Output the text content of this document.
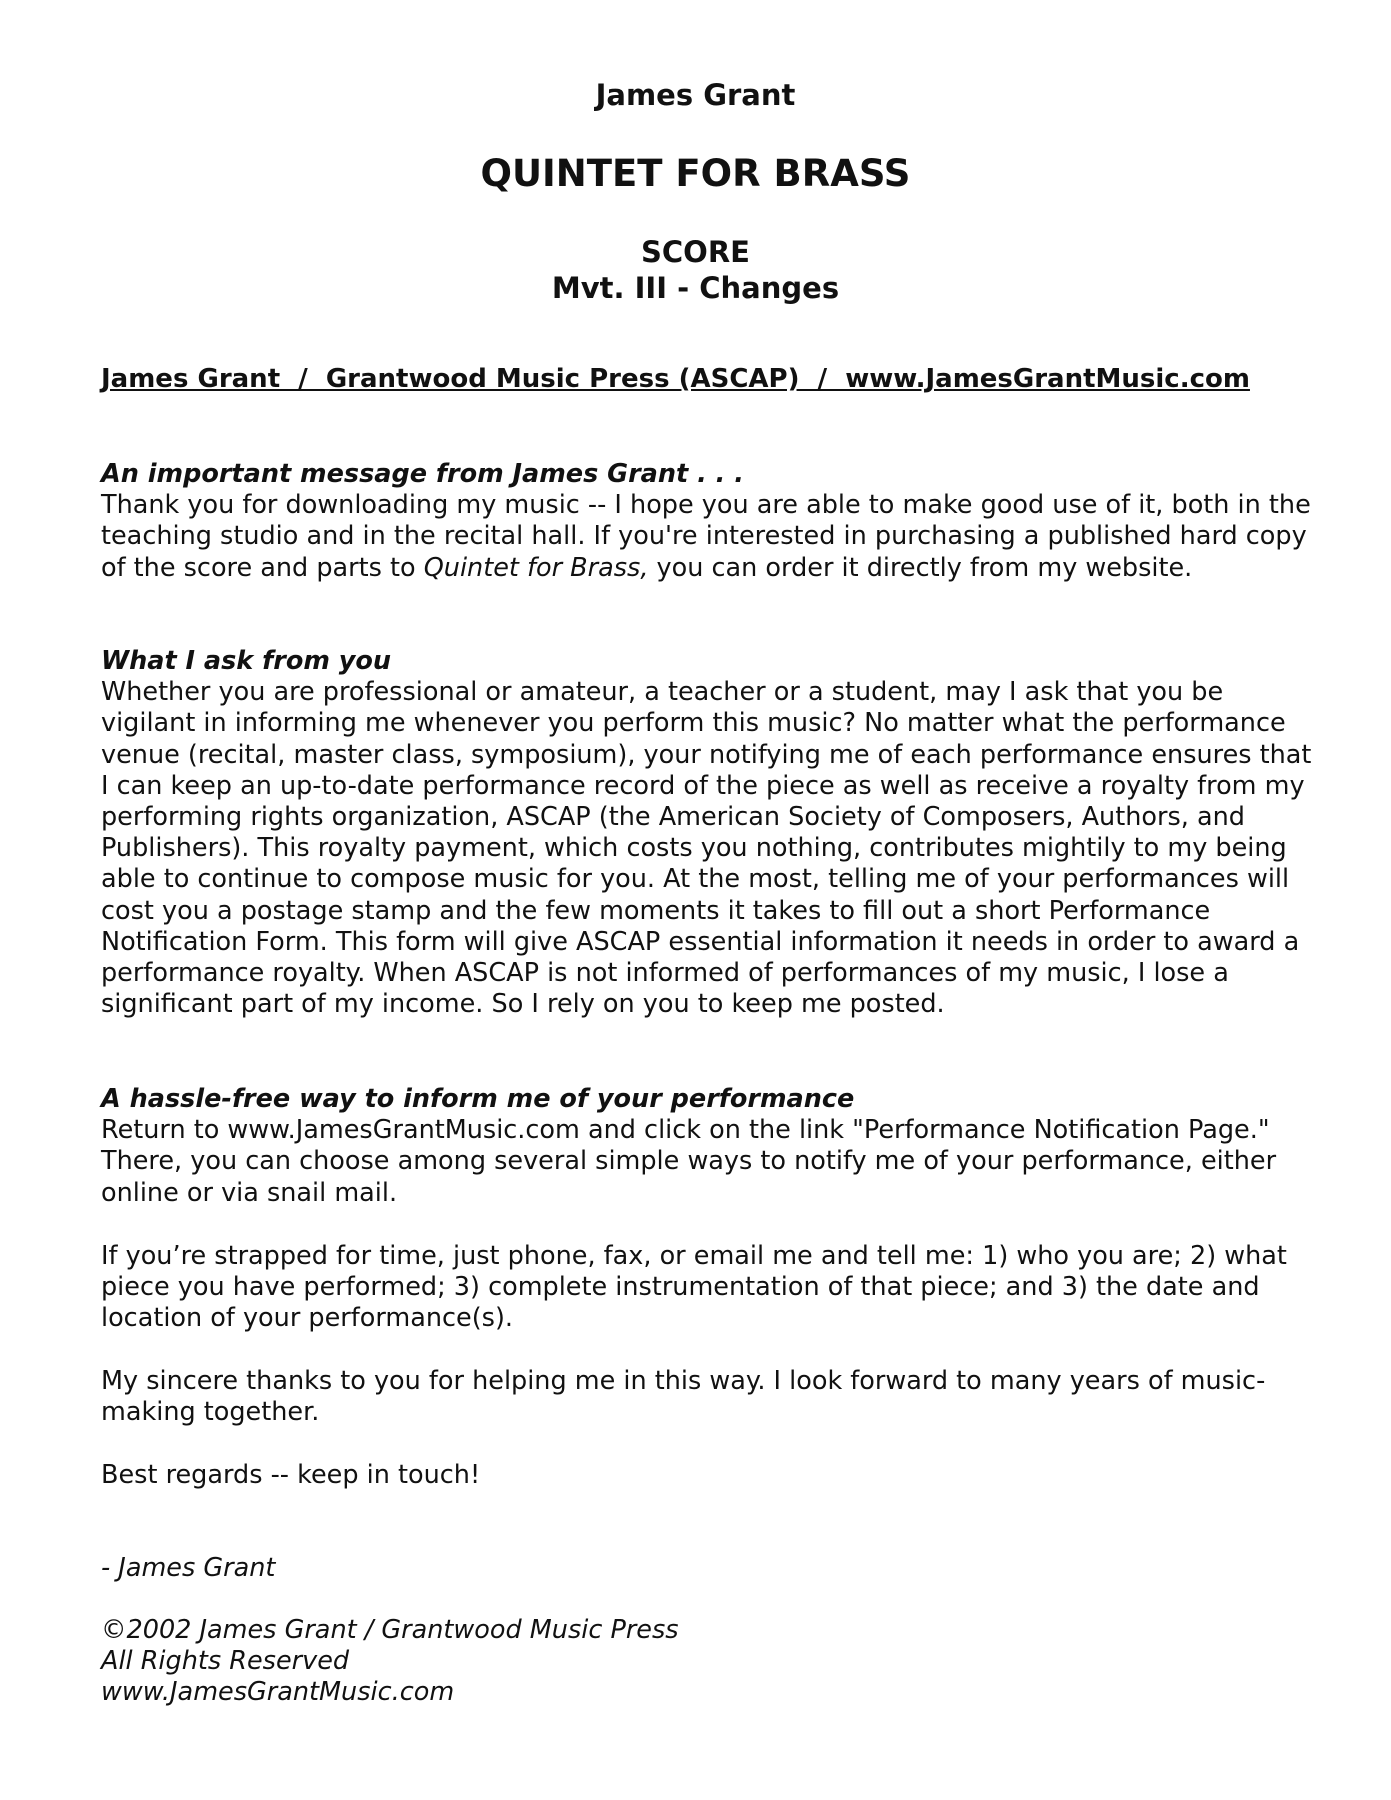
James Grant

QUINTET FOR BRASS

SCORE
Mvt. III - Changes

James Grant  /  Grantwood Music Press (ASCAP)  /  www.JamesGrantMusic.com

An important message from James Grant . . .

Thank you for downloading my music -- I hope you are able to make good use of it, both in the teaching studio and in the recital hall. If you're interested in purchasing a published hard copy of the score and parts to Quintet for Brass, you can order it directly from my website.

What I ask from you

Whether you are professional or amateur, a teacher or a student, may I ask that you be vigilant in informing me whenever you perform this music? No matter what the performance venue (recital, master class, symposium), your notifying me of each performance ensures that I can keep an up-to-date performance record of the piece as well as receive a royalty from my performing rights organization, ASCAP (the American Society of Composers, Authors, and Publishers). This royalty payment, which costs you nothing, contributes mightily to my being able to continue to compose music for you. At the most, telling me of your performances will cost you a postage stamp and the few moments it takes to fill out a short Performance Notification Form. This form will give ASCAP essential information it needs in order to award a performance royalty. When ASCAP is not informed of performances of my music, I lose a significant part of my income. So I rely on you to keep me posted.

A hassle-free way to inform me of your performance

Return to www.JamesGrantMusic.com and click on the link "Performance Notification Page." There, you can choose among several simple ways to notify me of your performance, either online or via snail mail.

If you’re strapped for time, just phone, fax, or email me and tell me: 1) who you are; 2) what piece you have performed; 3) complete instrumentation of that piece; and 3) the date and location of your performance(s).

My sincere thanks to you for helping me in this way. I look forward to many years of music-making together.

Best regards -- keep in touch!

- James Grant

©2002 James Grant / Grantwood Music Press
All Rights Reserved
www.JamesGrantMusic.com
